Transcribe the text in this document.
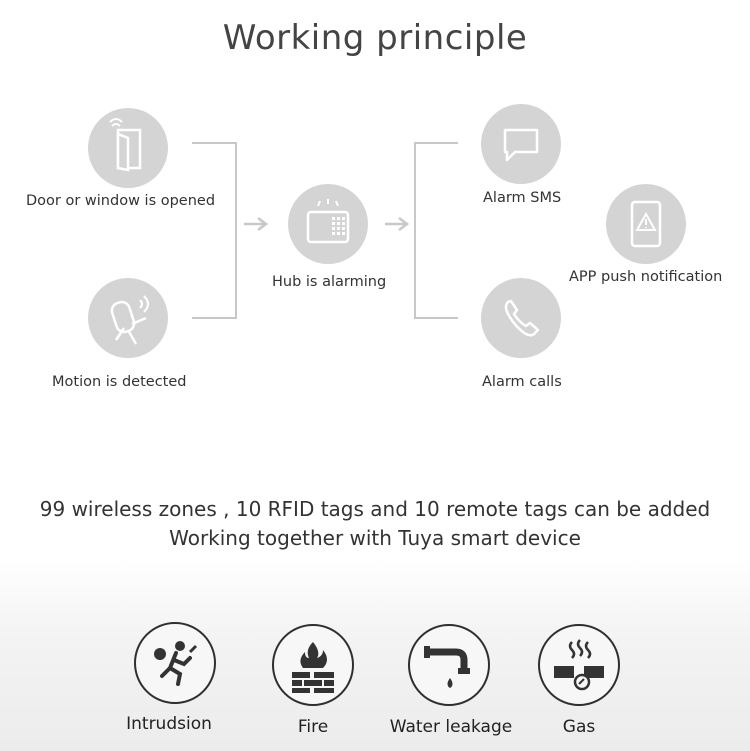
Working principle
Door or window is opened
Motion is detected
Hub is alarming
Alarm SMS
APP push notification
Alarm calls
99 wireless zones , 10 RFID tags and 10 remote tags can be added
Working together with Tuya smart device
Intrudsion	Fire	Water leakage	Gas
